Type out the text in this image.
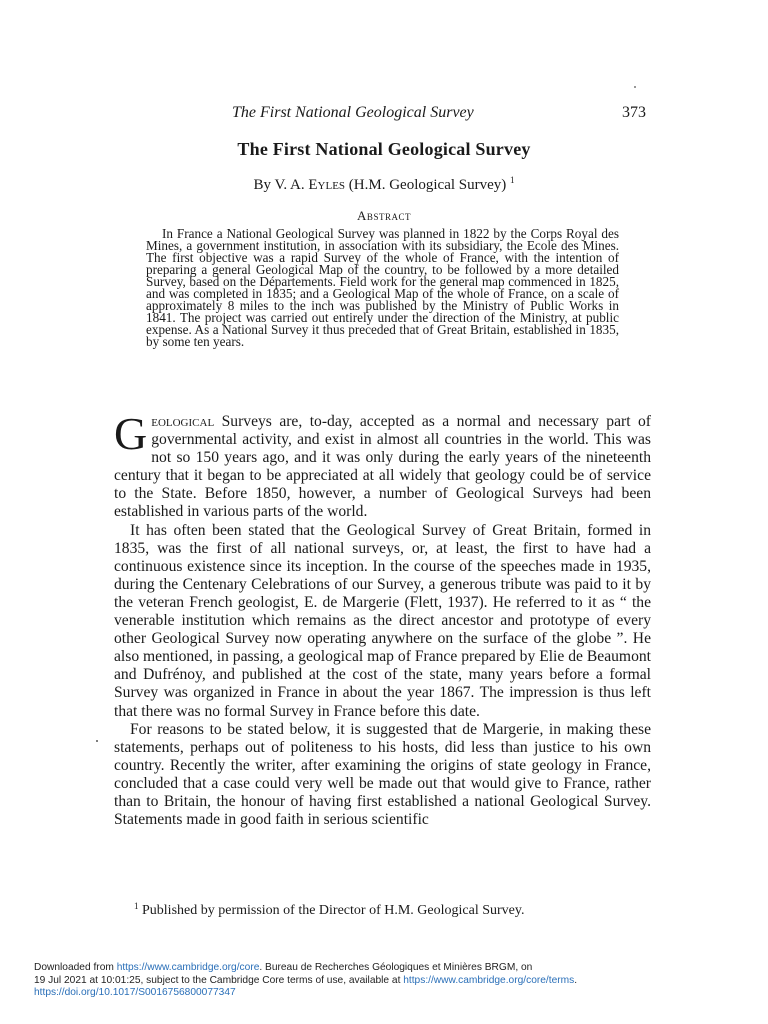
The First National Geological Survey	373
The First National Geological Survey
By V. A. Eyles (H.M. Geological Survey) $^1$
Abstract

In France a National Geological Survey was planned in 1822 by the Corps Royal des Mines, a government institution, in association with its subsidiary, the Ecole des Mines. The first objective was a rapid Survey of the whole of France, with the intention of preparing a general Geological Map of the country, to be followed by a more detailed Survey, based on the Départements. Field work for the general map commenced in 1825, and was completed in 1835; and a Geological Map of the whole of France, on a scale of approximately 8 miles to the inch was published by the Ministry of Public Works in 1841. The project was carried out entirely under the direction of the Ministry, at public expense. As a National Survey it thus preceded that of Great Britain, established in 1835, by some ten years.

Geological Surveys are, to-day, accepted as a normal and necessary part of governmental activity, and exist in almost all countries in the world. This was not so 150 years ago, and it was only during the early years of the nineteenth century that it began to be appreciated at all widely that geology could be of service to the State. Before 1850, however, a number of Geological Surveys had been established in various parts of the world.

It has often been stated that the Geological Survey of Great Britain, formed in 1835, was the first of all national surveys, or, at least, the first to have had a continuous existence since its inception. In the course of the speeches made in 1935, during the Centenary Celebrations of our Survey, a generous tribute was paid to it by the veteran French geologist, E. de Margerie (Flett, 1937). He referred to it as “ the venerable institution which remains as the direct ancestor and prototype of every other Geological Survey now operating anywhere on the surface of the globe ”. He also mentioned, in passing, a geological map of France prepared by Elie de Beaumont and Dufrénoy, and published at the cost of the state, many years before a formal Survey was organized in France in about the year 1867. The impression is thus left that there was no formal Survey in France before this date.

For reasons to be stated below, it is suggested that de Margerie, in making these statements, perhaps out of politeness to his hosts, did less than justice to his own country. Recently the writer, after examining the origins of state geology in France, concluded that a case could very well be made out that would give to France, rather than to Britain, the honour of having first established a national Geological Survey. Statements made in good faith in serious scientific

$^1$ Published by permission of the Director of H.M. Geological Survey.
Downloaded from https://www.cambridge.org/core. Bureau de Recherches Géologiques et Minières BRGM, on
19 Jul 2021 at 10:01:25, subject to the Cambridge Core terms of use, available at https://www.cambridge.org/core/terms.
https://doi.org/10.1017/S0016756800077347
